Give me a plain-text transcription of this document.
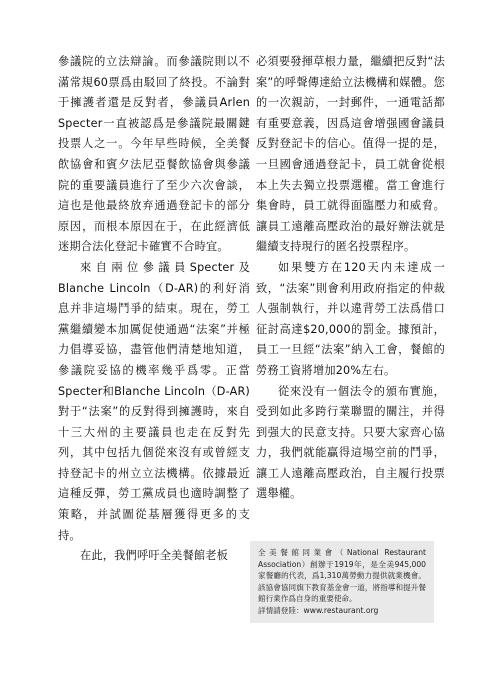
參議院的立法辯論。而參議院則以不滿常規60票爲由駁回了終投。不論對于擁護者還是反對者，參議員Arlen Specter一直被認爲是參議院最關鍵投票人之一。今年早些時候，全美餐飲協會和賓夕法尼亞餐飲協會與參議院的重要議員進行了至少六次會談，這也是他最終放弃通過登記卡的部分原因，而根本原因在于，在此經濟低迷期合法化登記卡確實不合時宜。

來自兩位參議員Specter及Blanche Lincoln（D-AR)的利好消息并非這場鬥爭的結束。現在，勞工黨繼續變本加厲促使通過“法案”并極力倡導妥協，盡管他們清楚地知道，參議院妥協的機率幾乎爲零。正當Specter和Blanche Lincoln（D-AR)對于“法案”的反對得到擁護時，來自十三大州的主要議員也走在反對先列，其中包括九個從來沒有或曾經支持登記卡的州立立法機構。依據最近這種反彈，勞工黨成員也適時調整了策略，并試圖從基層獲得更多的支持。

在此，我們呼吁全美餐館老板

必須要發揮草根力量，繼續把反對“法案”的呼聲傳達給立法機構和媒體。您的一次親訪，一封郵件，一通電話都有重要意義，因爲這會增强國會議員反對登記卡的信心。值得一提的是，一旦國會通過登記卡，員工就會從根本上失去獨立投票選權。當工會進行集會時，員工就得面臨壓力和威脅。讓員工遠離高壓政治的最好辦法就是繼續支持現行的匿名投票程序。

如果雙方在120天内未達成一致，“法案”則會利用政府指定的仲裁人强制執行，并以違背勞工法爲借口征討高達$20,000的罰金。據預計，員工一旦經“法案”納入工會，餐館的勞務工資將增加20%左右。

從來没有一個法令的頒布實施，受到如此多跨行業聯盟的關注，并得到强大的民意支持。只要大家齊心協力，我們就能贏得這場空前的鬥爭，讓工人遠離高壓政治，自主履行投票選舉權。

全美餐館同業會（National Restaurant Association）創辦于1919年，是全美945,000家餐廳的代表，爲1,310萬勞動力提供就業機會。該協會協同旗下教育基金會一道，將指導和提升餐館行業作爲自身的重要使命。

詳情請登陸：www.restaurant.org
